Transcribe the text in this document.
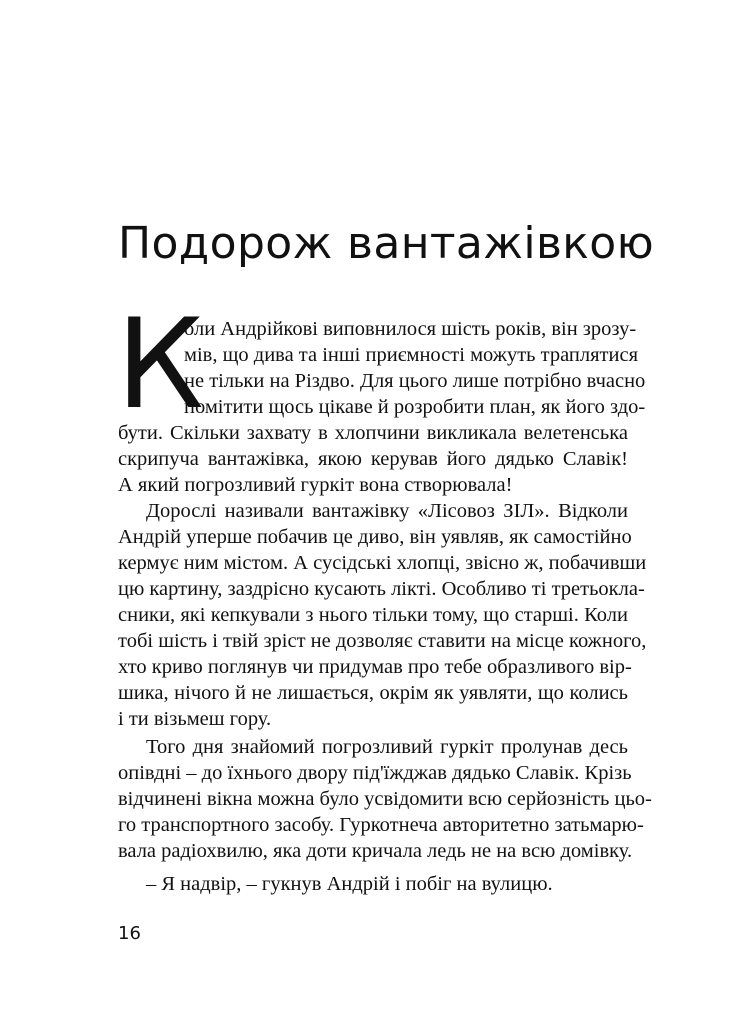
Подорож вантажівкою
К
оли Андрійкові виповнилося шість років, він зрозу-
мів, що дива та інші приємності можуть траплятися
не тільки на Різдво. Для цього лише потрібно вчасно
помітити щось цікаве й розробити план, як його здо-
бути. Скільки захвату в хлопчини викликала велетенська
скрипуча вантажівка, якою керував його дядько Славік!
А який погрозливий гуркіт вона створювала!
Дорослі називали вантажівку «Лісовоз ЗІЛ». Відколи
Андрій уперше побачив це диво, він уявляв, як самостійно
кермує ним містом. А сусідські хлопці, звісно ж, побачивши
цю картину, заздрісно кусають лікті. Особливо ті третьокла-
сники, які кепкували з нього тільки тому, що старші. Коли
тобі шість і твій зріст не дозволяє ставити на місце кожного,
хто криво поглянув чи придумав про тебе образливого вір-
шика, нічого й не лишається, окрім як уявляти, що колись
і ти візьмеш гору.
Того дня знайомий погрозливий гуркіт пролунав десь
опівдні – до їхнього двору під'їжджав дядько Славік. Крізь
відчинені вікна можна було усвідомити всю серйозність цьо-
го транспортного засобу. Гуркотнеча авторитетно затьмарю-
вала радіохвилю, яка доти кричала ледь не на всю домівку.
– Я надвір, – гукнув Андрій і побіг на вулицю.
16
